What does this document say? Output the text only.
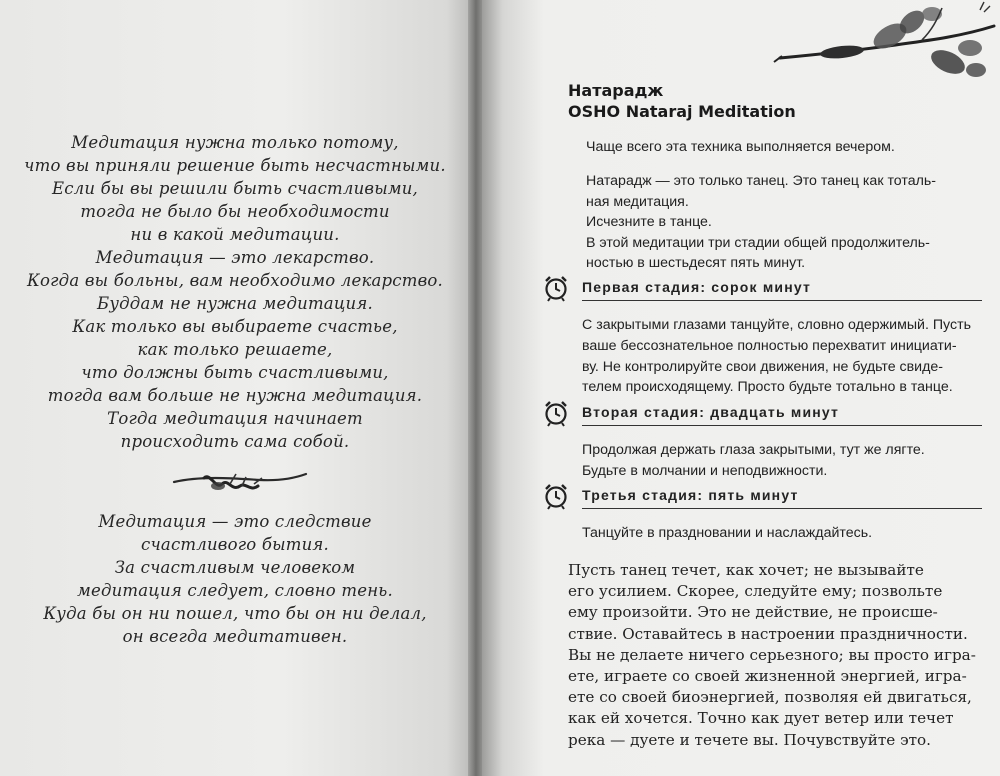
Медитация нужна только потому,
что вы приняли решение быть несчастными.
Если бы вы решили быть счастливыми,
тогда не было бы необходимости
ни в какой медитации.
Медитация — это лекарство.
Когда вы больны, вам необходимо лекарство.
Буддам не нужна медитация.
Как только вы выбираете счастье,
как только решаете,
что должны быть счастливыми,
тогда вам больше не нужна медитация.
Тогда медитация начинает
происходить сама собой.
Медитация — это следствие
счастливого бытия.
За счастливым человеком
медитация следует, словно тень.
Куда бы он ни пошел, что бы он ни делал,
он всегда медитативен.
Натарадж
OSHO Nataraj Meditation
Чаще всего эта техника выполняется вечером.
Натарадж — это только танец. Это танец как тоталь-
ная медитация.
Исчезните в танце.
В этой медитации три стадии общей продолжитель-
ностью в шестьдесят пять минут.
Первая стадия: сорок минут
С закрытыми глазами танцуйте, словно одержимый. Пусть
ваше бессознательное полностью перехватит инициати-
ву. Не контролируйте свои движения, не будьте свиде-
телем происходящему. Просто будьте тотально в танце.
Вторая стадия: двадцать минут
Продолжая держать глаза закрытыми, тут же лягте.
Будьте в молчании и неподвижности.
Третья стадия: пять минут
Танцуйте в праздновании и наслаждайтесь.
Пусть танец течет, как хочет; не вызывайте
его усилием. Скорее, следуйте ему; позвольте
ему произойти. Это не действие, не происше-
ствие. Оставайтесь в настроении праздничности.
Вы не делаете ничего серьезного; вы просто игра-
ете, играете со своей жизненной энергией, игра-
ете со своей биоэнергией, позволяя ей двигаться,
как ей хочется. Точно как дует ветер или течет
река — дуете и течете вы. Почувствуйте это.
